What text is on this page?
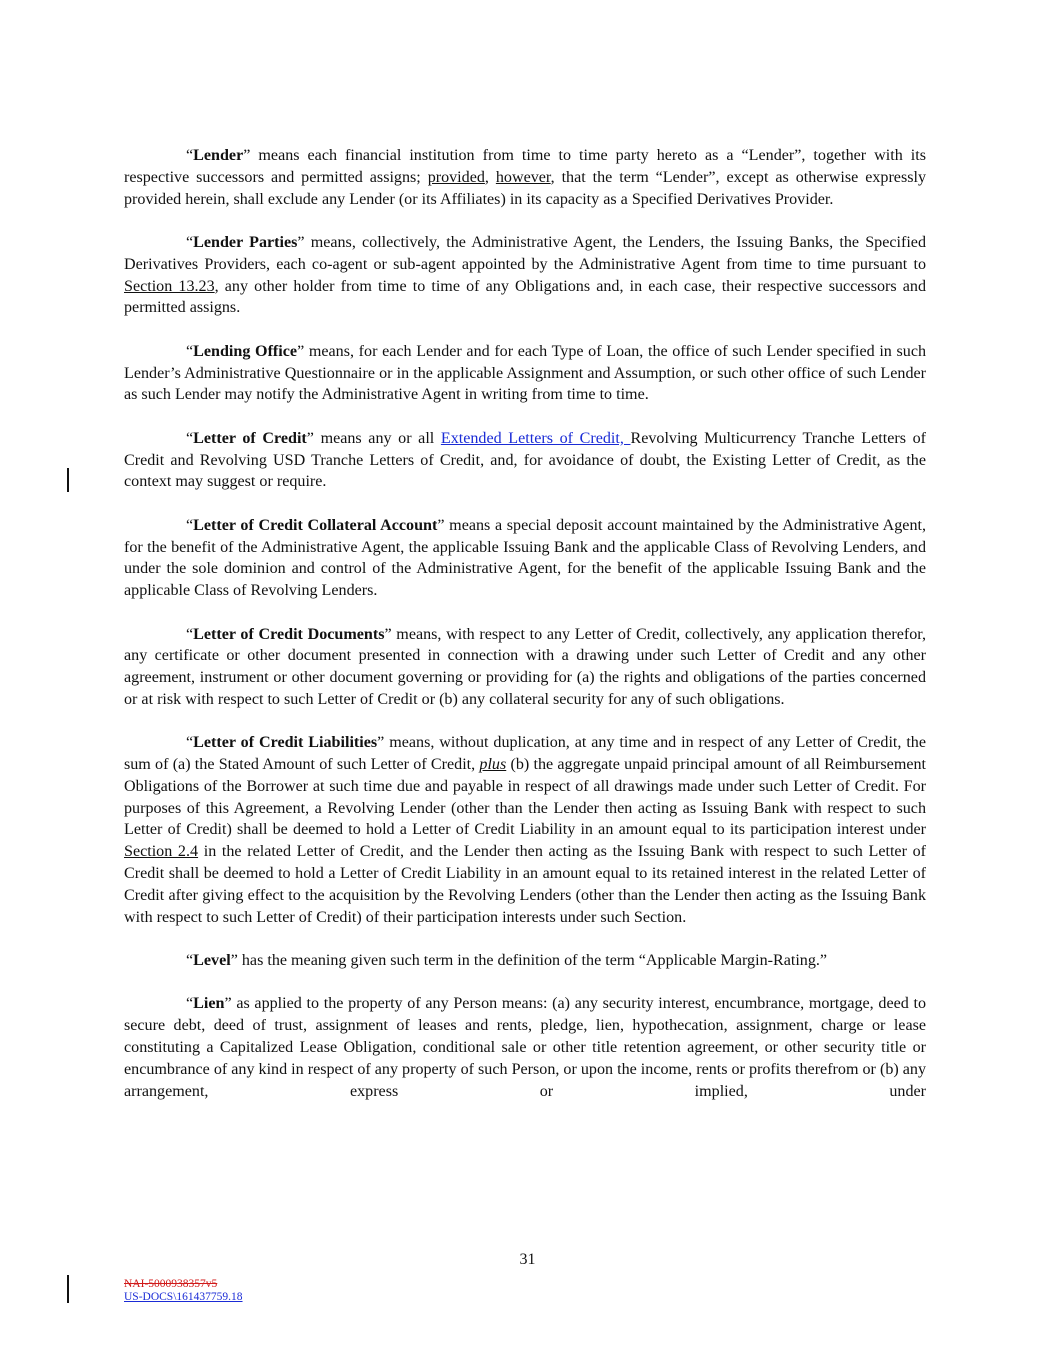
“Lender” means each financial institution from time to time party hereto as a “Lender”, together with its respective successors and permitted assigns; provided, however, that the term “Lender”, except as otherwise expressly provided herein, shall exclude any Lender (or its Affiliates) in its capacity as a Specified Derivatives Provider.

“Lender Parties” means, collectively, the Administrative Agent, the Lenders, the Issuing Banks, the Specified Derivatives Providers, each co-agent or sub-agent appointed by the Administrative Agent from time to time pursuant to Section 13.23, any other holder from time to time of any Obligations and, in each case, their respective successors and permitted assigns.

“Lending Office” means, for each Lender and for each Type of Loan, the office of such Lender specified in such Lender’s Administrative Questionnaire or in the applicable Assignment and Assumption, or such other office of such Lender as such Lender may notify the Administrative Agent in writing from time to time.

“Letter of Credit” means any or all Extended Letters of Credit, Revolving Multicurrency Tranche Letters of Credit and Revolving USD Tranche Letters of Credit, and, for avoidance of doubt, the Existing Letter of Credit, as the context may suggest or require.

“Letter of Credit Collateral Account” means a special deposit account maintained by the Administrative Agent, for the benefit of the Administrative Agent, the applicable Issuing Bank and the applicable Class of Revolving Lenders, and under the sole dominion and control of the Administrative Agent, for the benefit of the applicable Issuing Bank and the applicable Class of Revolving Lenders.

“Letter of Credit Documents” means, with respect to any Letter of Credit, collectively, any application therefor, any certificate or other document presented in connection with a drawing under such Letter of Credit and any other agreement, instrument or other document governing or providing for (a) the rights and obligations of the parties concerned or at risk with respect to such Letter of Credit or (b) any collateral security for any of such obligations.

“Letter of Credit Liabilities” means, without duplication, at any time and in respect of any Letter of Credit, the sum of (a) the Stated Amount of such Letter of Credit, plus (b) the aggregate unpaid principal amount of all Reimbursement Obligations of the Borrower at such time due and payable in respect of all drawings made under such Letter of Credit. For purposes of this Agreement, a Revolving Lender (other than the Lender then acting as Issuing Bank with respect to such Letter of Credit) shall be deemed to hold a Letter of Credit Liability in an amount equal to its participation interest under Section 2.4 in the related Letter of Credit, and the Lender then acting as the Issuing Bank with respect to such Letter of Credit shall be deemed to hold a Letter of Credit Liability in an amount equal to its retained interest in the related Letter of Credit after giving effect to the acquisition by the Revolving Lenders (other than the Lender then acting as the Issuing Bank with respect to such Letter of Credit) of their participation interests under such Section.

“Level” has the meaning given such term in the definition of the term “Applicable Margin-Rating.”

“Lien” as applied to the property of any Person means: (a) any security interest, encumbrance, mortgage, deed to secure debt, deed of trust, assignment of leases and rents, pledge, lien, hypothecation, assignment, charge or lease constituting a Capitalized Lease Obligation, conditional sale or other title retention agreement, or other security title or encumbrance of any kind in respect of any property of such Person, or upon the income, rents or profits therefrom or (b) any arrangement, express or implied, under

31
NAI-5000938357v5
US-DOCS\161437759.18
